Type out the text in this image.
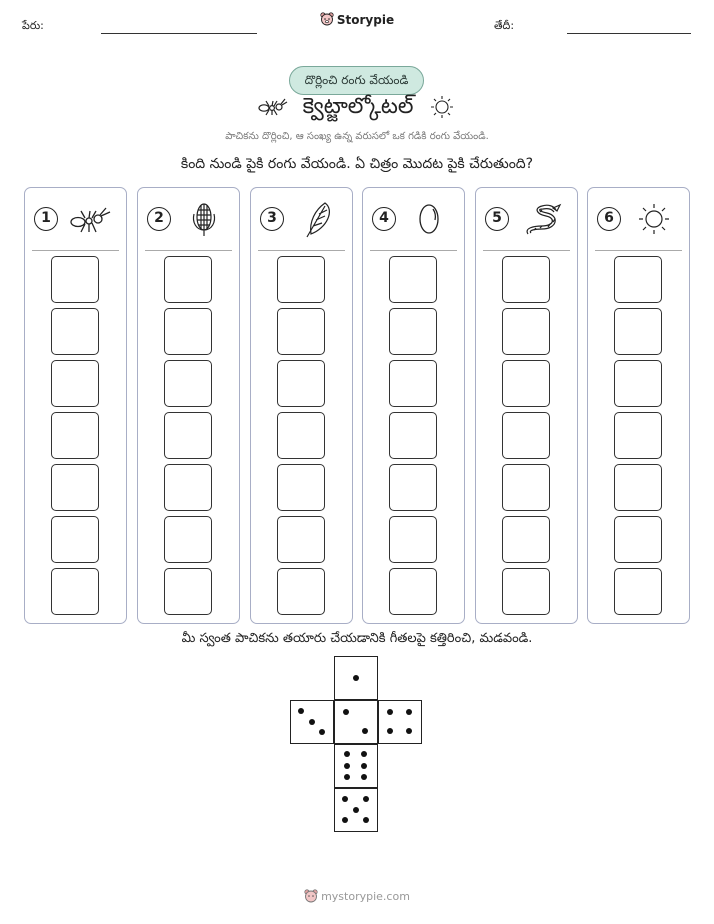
పేరు:	Storypie	తేదీ:
దొర్లించి రంగు వేయండి
క్వెట్జాల్కోటల్
పాచికను దొర్లించి, ఆ సంఖ్య ఉన్న వరుసలో ఒక గడికి రంగు వేయండి.
కింది నుండి పైకి రంగు వేయండి. ఏ చిత్రం మొదట పైకి చేరుతుంది?
1	2	3	4	5	6
మీ స్వంత పాచికను తయారు చేయడానికి గీతలపై కత్తిరించి, మడవండి.
mystorypie.com
